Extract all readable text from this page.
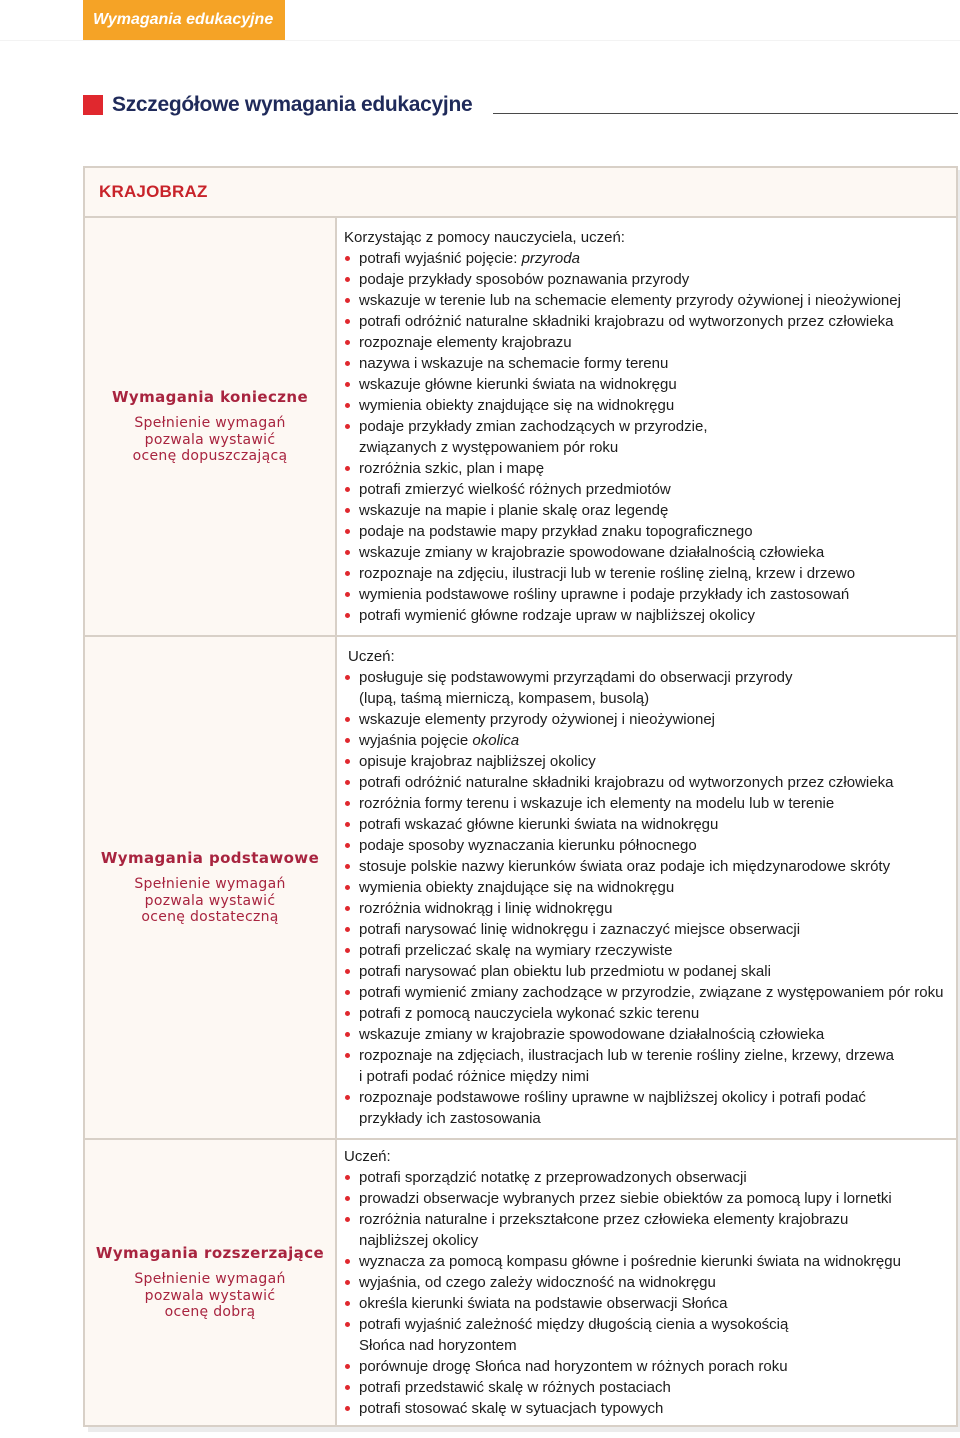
Wymagania edukacyjne
Szczegółowe wymagania edukacyjne
KRAJOBRAZ
Wymagania konieczne
Spełnienie wymagań
pozwala wystawić
ocenę dopuszczającą
Korzystając z pomocy nauczyciela, uczeń:
potrafi wyjaśnić pojęcie: przyroda
podaje przykłady sposobów poznawania przyrody
wskazuje w terenie lub na schemacie elementy przyrody ożywionej i nieożywionej
potrafi odróżnić naturalne składniki krajobrazu od wytworzonych przez człowieka
rozpoznaje elementy krajobrazu
nazywa i wskazuje na schemacie formy terenu
wskazuje główne kierunki świata na widnokręgu
wymienia obiekty znajdujące się na widnokręgu
podaje przykłady zmian zachodzących w przyrodzie,
związanych z występowaniem pór roku
rozróżnia szkic, plan i mapę
potrafi zmierzyć wielkość różnych przedmiotów
wskazuje na mapie i planie skalę oraz legendę
podaje na podstawie mapy przykład znaku topograficznego
wskazuje zmiany w krajobrazie spowodowane działalnością człowieka
rozpoznaje na zdjęciu, ilustracji lub w terenie roślinę zielną, krzew i drzewo
wymienia podstawowe rośliny uprawne i podaje przykłady ich zastosowań
potrafi wymienić główne rodzaje upraw w najbliższej okolicy
Wymagania podstawowe
Spełnienie wymagań
pozwala wystawić
ocenę dostateczną
Uczeń:
posługuje się podstawowymi przyrządami do obserwacji przyrody
(lupą, taśmą mierniczą, kompasem, busolą)
wskazuje elementy przyrody ożywionej i nieożywionej
wyjaśnia pojęcie okolica
opisuje krajobraz najbliższej okolicy
potrafi odróżnić naturalne składniki krajobrazu od wytworzonych przez człowieka
rozróżnia formy terenu i wskazuje ich elementy na modelu lub w terenie
potrafi wskazać główne kierunki świata na widnokręgu
podaje sposoby wyznaczania kierunku północnego
stosuje polskie nazwy kierunków świata oraz podaje ich międzynarodowe skróty
wymienia obiekty znajdujące się na widnokręgu
rozróżnia widnokrąg i linię widnokręgu
potrafi narysować linię widnokręgu i zaznaczyć miejsce obserwacji
potrafi przeliczać skalę na wymiary rzeczywiste
potrafi narysować plan obiektu lub przedmiotu w podanej skali
potrafi wymienić zmiany zachodzące w przyrodzie, związane z występowaniem pór roku
potrafi z pomocą nauczyciela wykonać szkic terenu
wskazuje zmiany w krajobrazie spowodowane działalnością człowieka
rozpoznaje na zdjęciach, ilustracjach lub w terenie rośliny zielne, krzewy, drzewa
i potrafi podać różnice między nimi
rozpoznaje podstawowe rośliny uprawne w najbliższej okolicy i potrafi podać
przykłady ich zastosowania
Wymagania rozszerzające
Spełnienie wymagań
pozwala wystawić
ocenę dobrą
Uczeń:
potrafi sporządzić notatkę z przeprowadzonych obserwacji
prowadzi obserwacje wybranych przez siebie obiektów za pomocą lupy i lornetki
rozróżnia naturalne i przekształcone przez człowieka elementy krajobrazu
najbliższej okolicy
wyznacza za pomocą kompasu główne i pośrednie kierunki świata na widnokręgu
wyjaśnia, od czego zależy widoczność na widnokręgu
określa kierunki świata na podstawie obserwacji Słońca
potrafi wyjaśnić zależność między długością cienia a wysokością
Słońca nad horyzontem
porównuje drogę Słońca nad horyzontem w różnych porach roku
potrafi przedstawić skalę w różnych postaciach
potrafi stosować skalę w sytuacjach typowych
